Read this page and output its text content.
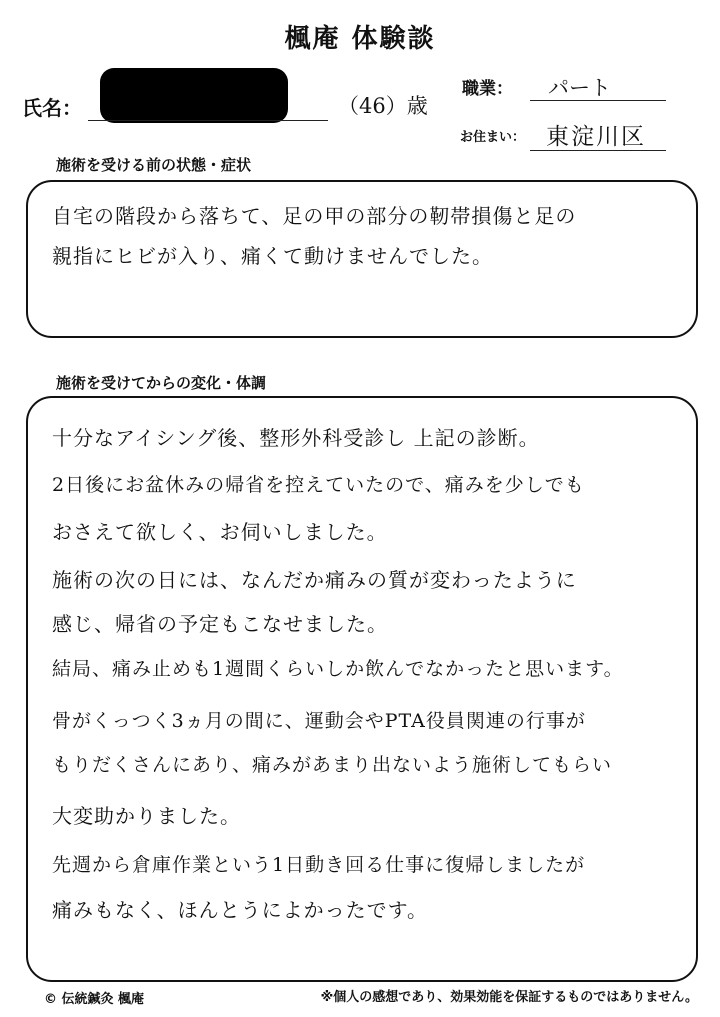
楓庵 体験談
氏名：	（46）歳
職業： パート
お住まい： 東淀川区
施術を受ける前の状態・症状

自宅の階段から落ちて、足の甲の部分の靭帯損傷と足の

親指にヒビが入り、痛くて動けませんでした。

施術を受けてからの変化・体調

十分なアイシング後、整形外科受診し 上記の診断。

2日後にお盆休みの帰省を控えていたので、痛みを少しでも

おさえて欲しく、お伺いしました。

施術の次の日には、なんだか痛みの質が変わったように

感じ、帰省の予定もこなせました。

結局、痛み止めも1週間くらいしか飲んでなかったと思います。

骨がくっつく3ヵ月の間に、運動会やPTA役員関連の行事が

もりだくさんにあり、痛みがあまり出ないよう施術してもらい

大変助かりました。

先週から倉庫作業という1日動き回る仕事に復帰しましたが

痛みもなく、ほんとうによかったです。

© 伝統鍼灸 楓庵	※個人の感想であり、効果効能を保証するものではありません。
